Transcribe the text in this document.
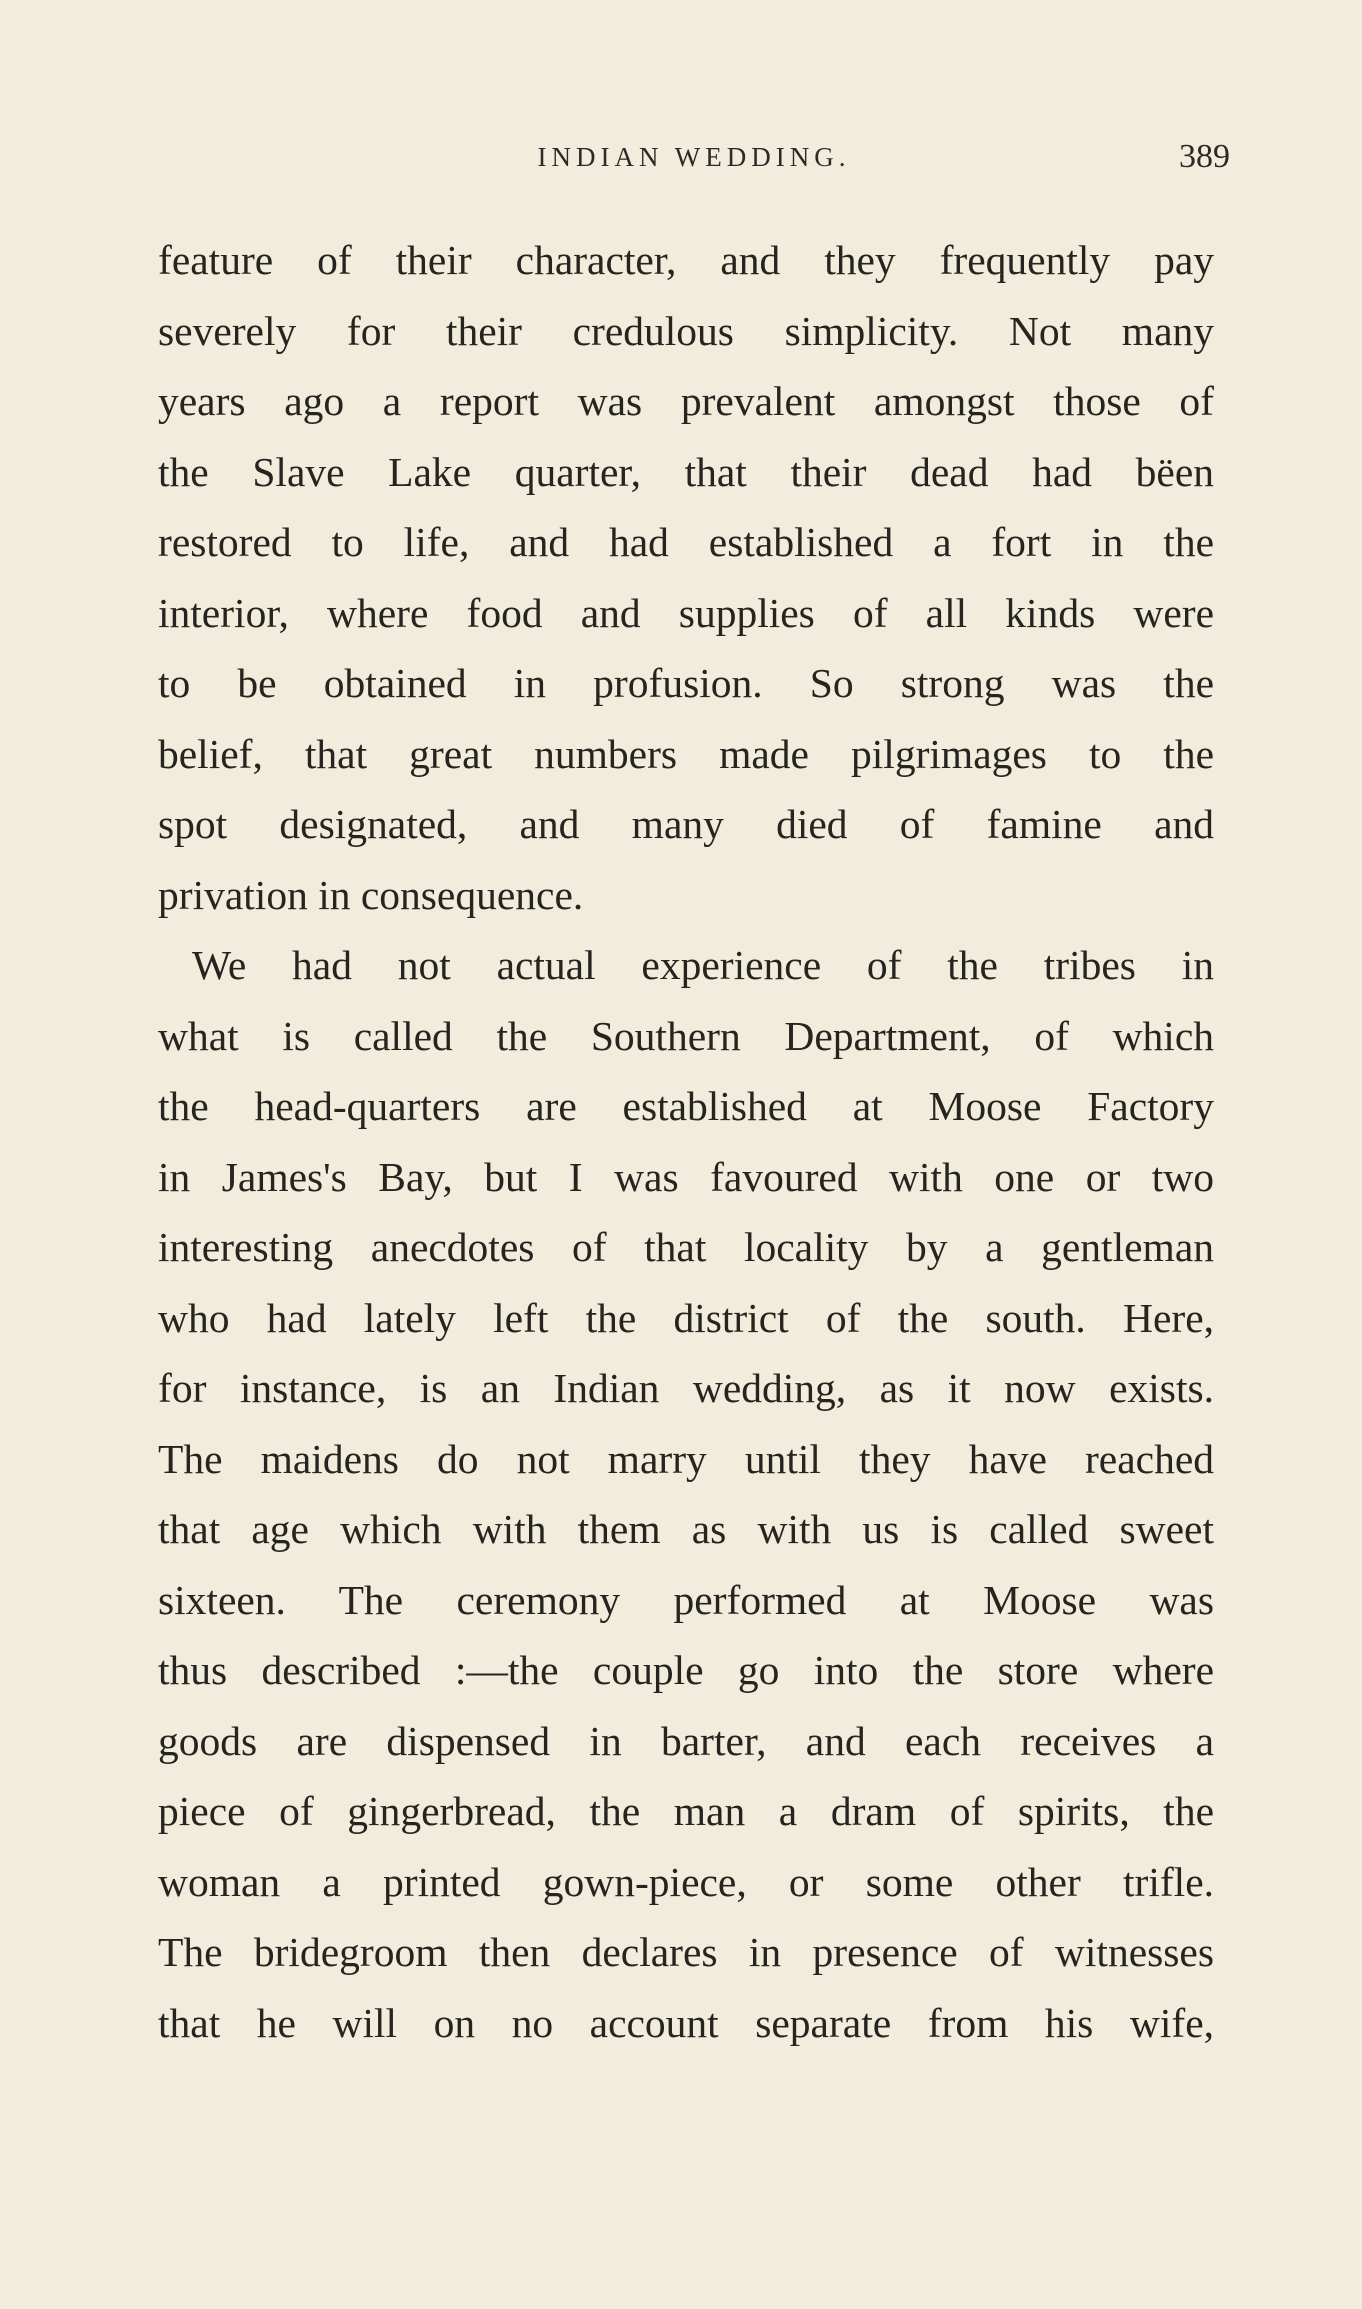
INDIAN WEDDING.	389
feature of their character, and they frequently pay
severely for their credulous simplicity. Not many
years ago a report was prevalent amongst those of
the Slave Lake quarter, that their dead had bëen
restored to life, and had established a fort in the
interior, where food and supplies of all kinds were
to be obtained in profusion. So strong was the
belief, that great numbers made pilgrimages to the
spot designated, and many died of famine and
privation in consequence.
We had not actual experience of the tribes in
what is called the Southern Department, of which
the head-quarters are established at Moose Factory
in James's Bay, but I was favoured with one or two
interesting anecdotes of that locality by a gentleman
who had lately left the district of the south. Here,
for instance, is an Indian wedding, as it now exists.
The maidens do not marry until they have reached
that age which with them as with us is called sweet
sixteen. The ceremony performed at Moose was
thus described :—the couple go into the store where
goods are dispensed in barter, and each receives a
piece of gingerbread, the man a dram of spirits, the
woman a printed gown-piece, or some other trifle.
The bridegroom then declares in presence of witnesses
that he will on no account separate from his wife,
